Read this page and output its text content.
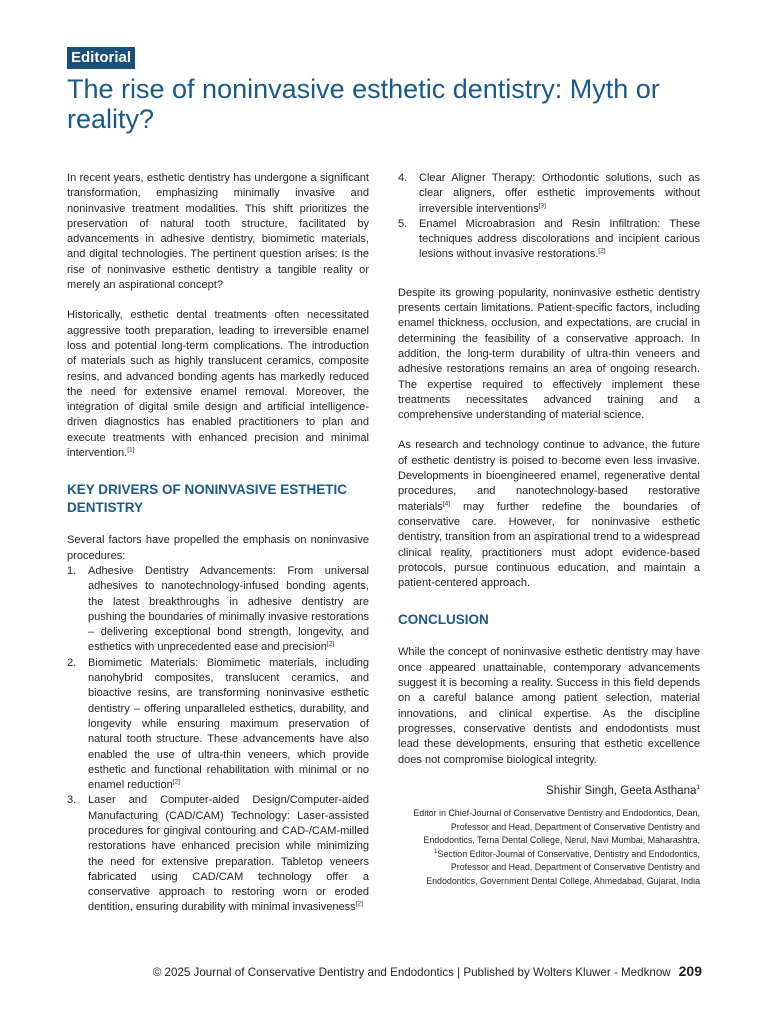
Editorial
The rise of noninvasive esthetic dentistry: Myth or reality?

In recent years, esthetic dentistry has undergone a significant transformation, emphasizing minimally invasive and noninvasive treatment modalities. This shift prioritizes the preservation of natural tooth structure, facilitated by advancements in adhesive dentistry, biomimetic materials, and digital technologies. The pertinent question arises: Is the rise of noninvasive esthetic dentistry a tangible reality or merely an aspirational concept?

Historically, esthetic dental treatments often necessitated aggressive tooth preparation, leading to irreversible enamel loss and potential long-term complications. The introduction of materials such as highly translucent ceramics, composite resins, and advanced bonding agents has markedly reduced the need for extensive enamel removal. Moreover, the integration of digital smile design and artificial intelligence-driven diagnostics has enabled practitioners to plan and execute treatments with enhanced precision and minimal intervention.[1]

KEY DRIVERS OF NONINVASIVE ESTHETIC DENTISTRY

Several factors have propelled the emphasis on noninvasive procedures:

1. Adhesive Dentistry Advancements: From universal adhesives to nanotechnology-infused bonding agents, the latest breakthroughs in adhesive dentistry are pushing the boundaries of minimally invasive restorations – delivering exceptional bond strength, longevity, and esthetics with unprecedented ease and precision[2]
2. Biomimetic Materials: Biomimetic materials, including nanohybrid composites, translucent ceramics, and bioactive resins, are transforming noninvasive esthetic dentistry – offering unparalleled esthetics, durability, and longevity while ensuring maximum preservation of natural tooth structure. These advancements have also enabled the use of ultra-thin veneers, which provide esthetic and functional rehabilitation with minimal or no enamel reduction[2]
3. Laser and Computer-aided Design/Computer-aided Manufacturing (CAD/CAM) Technology: Laser-assisted procedures for gingival contouring and CAD-/CAM-milled restorations have enhanced precision while minimizing the need for extensive preparation. Tabletop veneers fabricated using CAD/CAM technology offer a conservative approach to restoring worn or eroded dentition, ensuring durability with minimal invasiveness[2]
4. Clear Aligner Therapy: Orthodontic solutions, such as clear aligners, offer esthetic improvements without irreversible interventions[3]
5. Enamel Microabrasion and Resin Infiltration: These techniques address discolorations and incipient carious lesions without invasive restorations.[2]

Despite its growing popularity, noninvasive esthetic dentistry presents certain limitations. Patient-specific factors, including enamel thickness, occlusion, and expectations, are crucial in determining the feasibility of a conservative approach. In addition, the long-term durability of ultra-thin veneers and adhesive restorations remains an area of ongoing research. The expertise required to effectively implement these treatments necessitates advanced training and a comprehensive understanding of material science.

As research and technology continue to advance, the future of esthetic dentistry is poised to become even less invasive. Developments in bioengineered enamel, regenerative dental procedures, and nanotechnology-based restorative materials[4] may further redefine the boundaries of conservative care. However, for noninvasive esthetic dentistry, transition from an aspirational trend to a widespread clinical reality, practitioners must adopt evidence-based protocols, pursue continuous education, and maintain a patient-centered approach.

CONCLUSION

While the concept of noninvasive esthetic dentistry may have once appeared unattainable, contemporary advancements suggest it is becoming a reality. Success in this field depends on a careful balance among patient selection, material innovations, and clinical expertise. As the discipline progresses, conservative dentists and endodontists must lead these developments, ensuring that esthetic excellence does not compromise biological integrity.

Shishir Singh, Geeta Asthana$^1$
Editor in Chief-Journal of Conservative Dentistry and Endodontics, Dean, Professor and Head, Department of Conservative Dentistry and Endodontics, Terna Dental College, Nerul, Navi Mumbai, Maharashtra, $^1$Section Editor-Journal of Conservative, Dentistry and Endodontics, Professor and Head, Department of Conservative Dentistry and Endodontics, Government Dental College, Ahmedabad, Gujarat, India
© 2025 Journal of Conservative Dentistry and Endodontics | Published by Wolters Kluwer - Medknow 209
